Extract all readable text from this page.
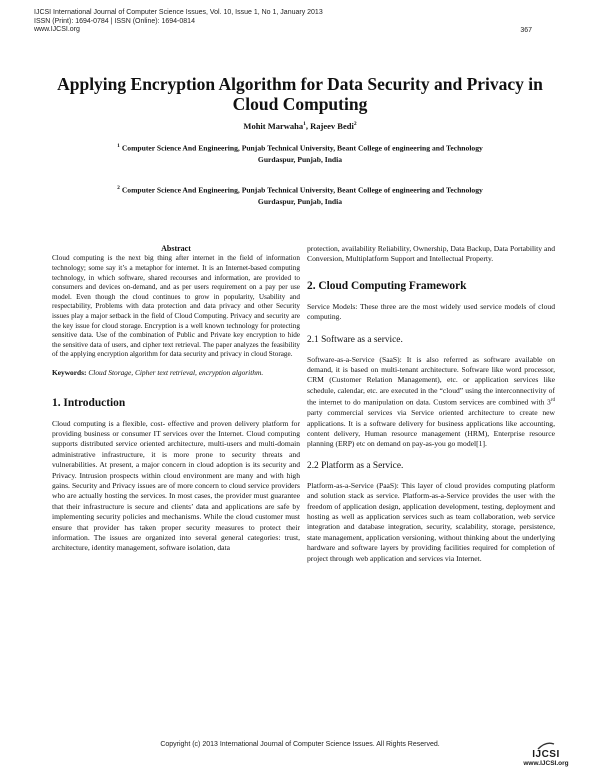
IJCSI International Journal of Computer Science Issues, Vol. 10, Issue 1, No 1, January 2013
ISSN (Print): 1694-0784 | ISSN (Online): 1694-0814
www.IJCSI.org	367
Applying Encryption Algorithm for Data Security and Privacy in Cloud Computing
Mohit Marwaha$^1$, Rajeev Bedi$^2$
$^1$ Computer Science And Engineering, Punjab Technical University, Beant College of engineering and Technology
Gurdaspur, Punjab, India
$^2$ Computer Science And Engineering, Punjab Technical University, Beant College of engineering and Technology
Gurdaspur, Punjab, India

Abstract

Cloud computing is the next big thing after internet in the field of information technology; some say it’s a metaphor for internet. It is an Internet-based computing technology, in which software, shared recourses and information, are provided to consumers and devices on-demand, and as per users requirement on a pay per use model. Even though the cloud continues to grow in popularity, Usability and respectability, Problems with data protection and data privacy and other Security issues play a major setback in the field of Cloud Computing. Privacy and security are the key issue for cloud storage. Encryption is a well known technology for protecting sensitive data. Use of the combination of Public and Private key encryption to hide the sensitive data of users, and cipher text retrieval. The paper analyzes the feasibility of the applying encryption algorithm for data security and privacy in cloud Storage.

Keywords: Cloud Storage, Cipher text retrieval, encryption algorithm.

1. Introduction

Cloud computing is a flexible, cost- effective and proven delivery platform for providing business or consumer IT services over the Internet. Cloud computing supports distributed service oriented architecture, multi-users and multi-domain administrative infrastructure, it is more prone to security threats and vulnerabilities. At present, a major concern in cloud adoption is its security and Privacy. Intrusion prospects within cloud environment are many and with high gains. Security and Privacy issues are of more concern to cloud service providers who are actually hosting the services. In most cases, the provider must guarantee that their infrastructure is secure and clients’ data and applications are safe by implementing security policies and mechanisms. While the cloud customer must ensure that provider has taken proper security measures to protect their information. The issues are organized into several general categories: trust, architecture, identity management, software isolation, data

protection, availability Reliability, Ownership, Data Backup, Data Portability and Conversion, Multiplatform Support and Intellectual Property.

2. Cloud Computing Framework

Service Models: These three are the most widely used service models of cloud computing.

2.1 Software as a service.

Software-as-a-Service (SaaS): It is also referred as software available on demand, it is based on multi-tenant architecture. Software like word processor, CRM (Customer Relation Management), etc. or application services like schedule, calendar, etc. are executed in the “cloud” using the interconnectivity of the internet to do manipulation on data. Custom services are combined with 3rd party commercial services via Service oriented architecture to create new applications. It is a software delivery for business applications like accounting, content delivery, Human resource management (HRM), Enterprise resource planning (ERP) etc on demand on pay-as-you go model[1].

2.2 Platform as a Service.

Platform-as-a-Service (PaaS): This layer of cloud provides computing platform and solution stack as service. Platform-as-a-Service provides the user with the freedom of application design, application development, testing, deployment and hosting as well as application services such as team collaboration, web service integration and database integration, security, scalability, storage, persistence, state management, application versioning, without thinking about the underlying hardware and software layers by providing facilities required for completion of project through web application and services via Internet.

Copyright (c) 2013 International Journal of Computer Science Issues. All Rights Reserved.
IJCSI
www.IJCSI.org
